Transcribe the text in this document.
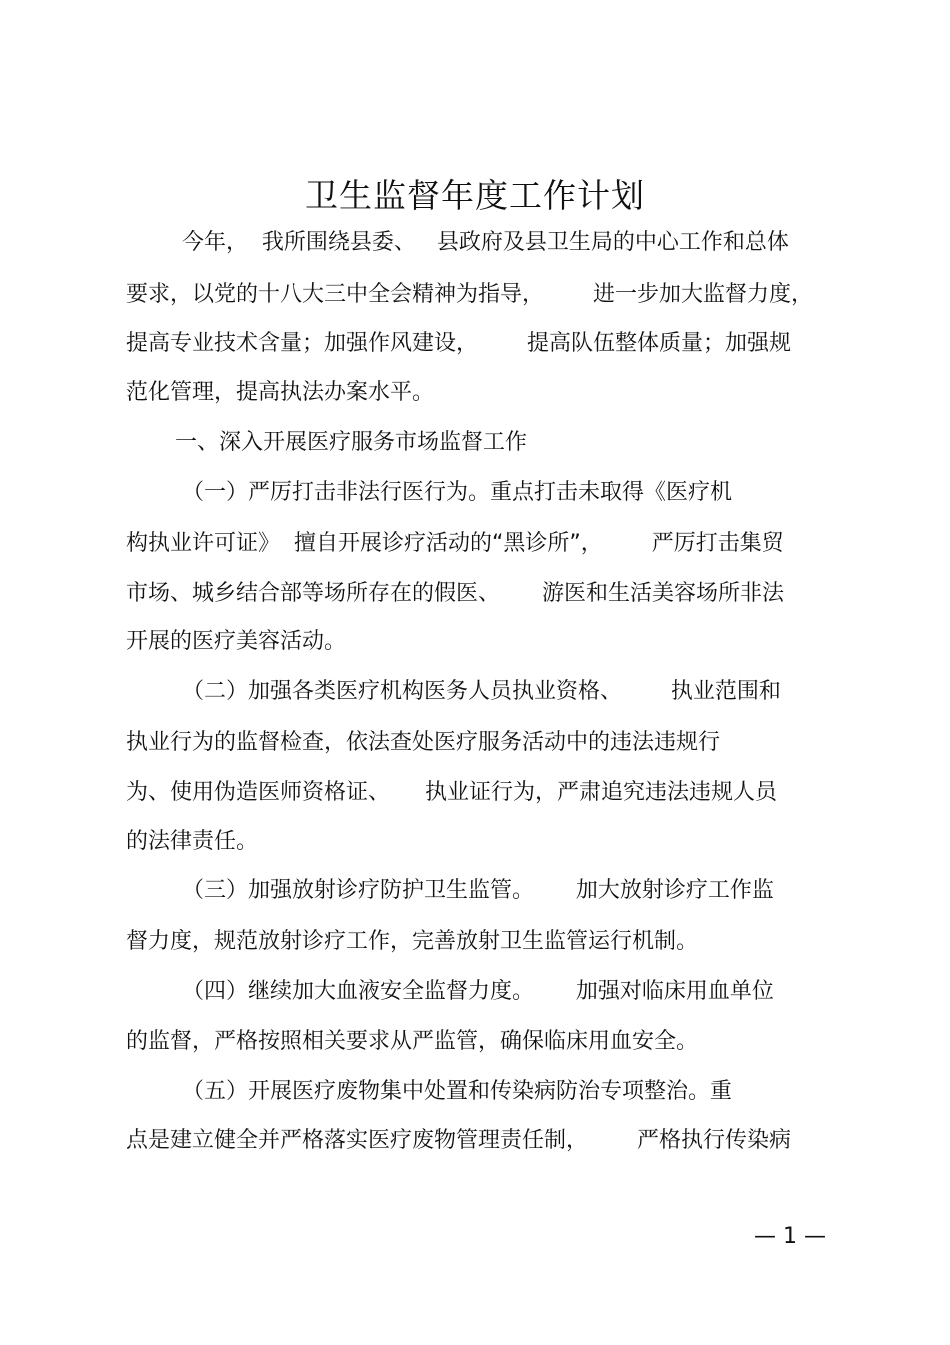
卫生监督年度工作计划

今年，  我所围绕县委、   县政府及县卫生局的中心工作和总体

要求，以党的十八大三中全会精神为指导，       进一步加大监督力度，

提高专业技术含量；加强作风建设，       提高队伍整体质量；加强规

范化管理，提高执法办案水平。

一、深入开展医疗服务市场监督工作

（一）严厉打击非法行医行为。重点打击未取得《医疗机

构执业许可证》  擅自开展诊疗活动的“黑诊所”，       严厉打击集贸

市场、城乡结合部等场所存在的假医、      游医和生活美容场所非法

开展的医疗美容活动。

（二）加强各类医疗机构医务人员执业资格、       执业范围和

执业行为的监督检查，依法查处医疗服务活动中的违法违规行

为、使用伪造医师资格证、     执业证行为，严肃追究违法违规人员

的法律责任。

（三）加强放射诊疗防护卫生监管。      加大放射诊疗工作监

督力度，规范放射诊疗工作，完善放射卫生监管运行机制。

（四）继续加大血液安全监督力度。      加强对临床用血单位

的监督，严格按照相关要求从严监管，确保临床用血安全。

（五）开展医疗废物集中处置和传染病防治专项整治。重

点是建立健全并严格落实医疗废物管理责任制，       严格执行传染病

— 1 —
